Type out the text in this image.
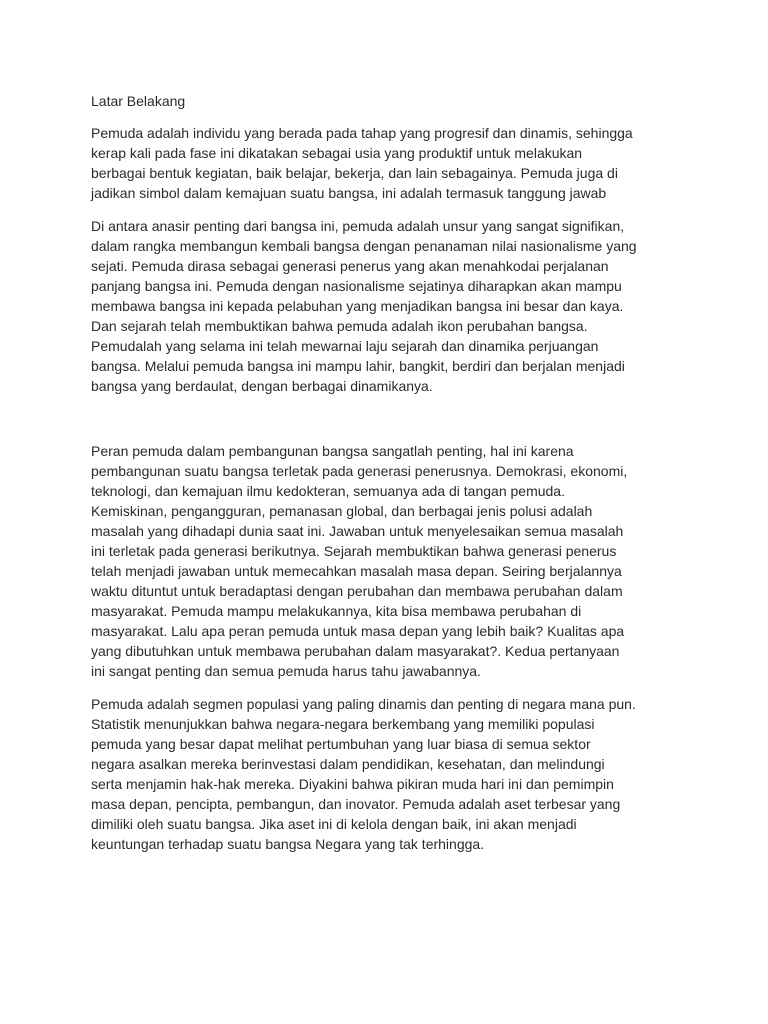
Latar Belakang

Pemuda adalah individu yang berada pada tahap yang progresif dan dinamis, sehingga
kerap kali pada fase ini dikatakan sebagai usia yang produktif untuk melakukan
berbagai bentuk kegiatan, baik belajar, bekerja, dan lain sebagainya. Pemuda juga di
jadikan simbol dalam kemajuan suatu bangsa, ini adalah termasuk tanggung jawab
Di antara anasir penting dari bangsa ini, pemuda adalah unsur yang sangat signifikan,
dalam rangka membangun kembali bangsa dengan penanaman nilai nasionalisme yang
sejati. Pemuda dirasa sebagai generasi penerus yang akan menahkodai perjalanan
panjang bangsa ini. Pemuda dengan nasionalisme sejatinya diharapkan akan mampu
membawa bangsa ini kepada pelabuhan yang menjadikan bangsa ini besar dan kaya.
Dan sejarah telah membuktikan bahwa pemuda adalah ikon perubahan bangsa.
Pemudalah yang selama ini telah mewarnai laju sejarah dan dinamika perjuangan
bangsa. Melalui pemuda bangsa ini mampu lahir, bangkit, berdiri dan berjalan menjadi
bangsa yang berdaulat, dengan berbagai dinamikanya.
Peran pemuda dalam pembangunan bangsa sangatlah penting, hal ini karena
pembangunan suatu bangsa terletak pada generasi penerusnya. Demokrasi, ekonomi,
teknologi, dan kemajuan ilmu kedokteran, semuanya ada di tangan pemuda.
Kemiskinan, pengangguran, pemanasan global, dan berbagai jenis polusi adalah
masalah yang dihadapi dunia saat ini. Jawaban untuk menyelesaikan semua masalah
ini terletak pada generasi berikutnya. Sejarah membuktikan bahwa generasi penerus
telah menjadi jawaban untuk memecahkan masalah masa depan. Seiring berjalannya
waktu dituntut untuk beradaptasi dengan perubahan dan membawa perubahan dalam
masyarakat. Pemuda mampu melakukannya, kita bisa membawa perubahan di
masyarakat. Lalu apa peran pemuda untuk masa depan yang lebih baik? Kualitas apa
yang dibutuhkan untuk membawa perubahan dalam masyarakat?. Kedua pertanyaan
ini sangat penting dan semua pemuda harus tahu jawabannya.
Pemuda adalah segmen populasi yang paling dinamis dan penting di negara mana pun.
Statistik menunjukkan bahwa negara-negara berkembang yang memiliki populasi
pemuda yang besar dapat melihat pertumbuhan yang luar biasa di semua sektor
negara asalkan mereka berinvestasi dalam pendidikan, kesehatan, dan melindungi
serta menjamin hak-hak mereka. Diyakini bahwa pikiran muda hari ini dan pemimpin
masa depan, pencipta, pembangun, dan inovator. Pemuda adalah aset terbesar yang
dimiliki oleh suatu bangsa. Jika aset ini di kelola dengan baik, ini akan menjadi
keuntungan terhadap suatu bangsa Negara yang tak terhingga.
